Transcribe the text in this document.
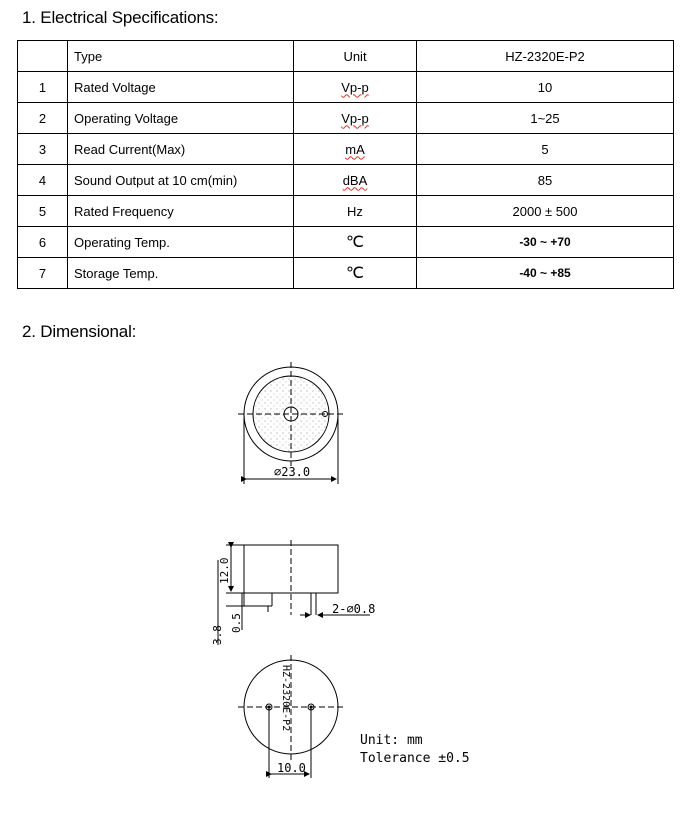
1. Electrical Specifications:
	Type	Unit	HZ-2320E-P2
1	Rated Voltage	Vp-p	10
2	Operating Voltage	Vp-p	1~25
3	Read Current(Max)	mA	5
4	Sound Output at 10 cm(min)	dBA	85
5	Rated Frequency	Hz	2000 ± 500
6	Operating Temp.	℃	-30 ~ +70
7	Storage Temp.	℃	-40 ~ +85
2. Dimensional:
⌀23.0
12.0
3.8
0.5
2-⌀0.8
HZ-2320E-P2
10.0
Unit: mm
Tolerance ±0.5
